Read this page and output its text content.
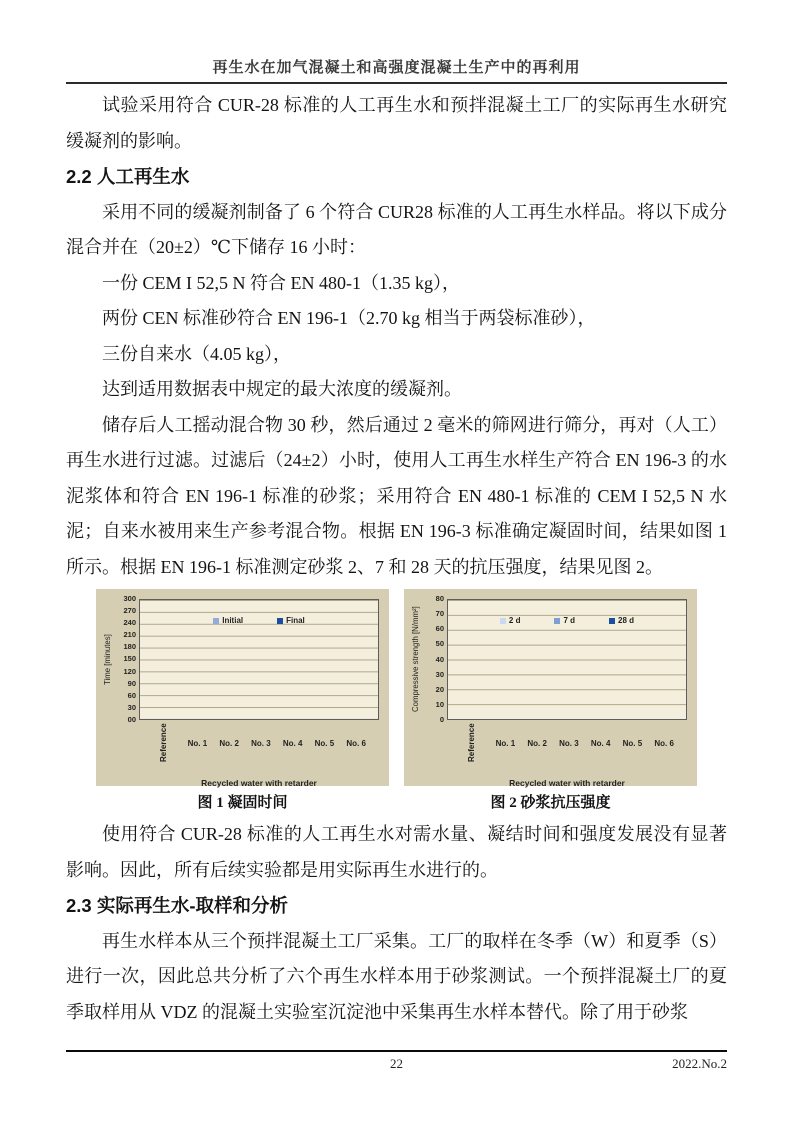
再生水在加气混凝土和高强度混凝土生产中的再利用

试验采用符合 CUR-28 标准的人工再生水和预拌混凝土工厂的实际再生水研究缓凝剂的影响。

2.2 人工再生水

采用不同的缓凝剂制备了 6 个符合 CUR28 标准的人工再生水样品。将以下成分混合并在（20±2）℃下储存 16 小时：

一份 CEM I 52,5 N 符合 EN 480-1（1.35 kg），

两份 CEN 标准砂符合 EN 196-1（2.70 kg 相当于两袋标准砂），

三份自来水（4.05 kg），

达到适用数据表中规定的最大浓度的缓凝剂。

储存后人工摇动混合物 30 秒，然后通过 2 毫米的筛网进行筛分，再对（人工）再生水进行过滤。过滤后（24±2）小时，使用人工再生水样生产符合 EN 196-3 的水泥浆体和符合 EN 196-1 标准的砂浆；采用符合 EN 480-1 标准的 CEM I 52,5 N 水泥；自来水被用来生产参考混合物。根据 EN 196-3 标准确定凝固时间，结果如图 1 所示。根据 EN 196-1 标准测定砂浆 2、7 和 28 天的抗压强度，结果见图 2。

Time [minutes]
300
270
240
210
180
150
120
90
60
30
00
Initial	Final
Reference	No. 1	No. 2	No. 3	No. 4	No. 5	No. 6
Recycled water with retarder
图 1 凝固时间
Compressive strength [N/mm²]
80
70
60
50
40
30
20
10
0
2 d	7 d	28 d
Reference	No. 1	No. 2	No. 3	No. 4	No. 5	No. 6
Recycled water with retarder
图 2 砂浆抗压强度

使用符合 CUR-28 标准的人工再生水对需水量、凝结时间和强度发展没有显著影响。因此，所有后续实验都是用实际再生水进行的。

2.3 实际再生水-取样和分析

再生水样本从三个预拌混凝土工厂采集。工厂的取样在冬季（W）和夏季（S）进行一次，因此总共分析了六个再生水样本用于砂浆测试。一个预拌混凝土厂的夏季取样用从 VDZ 的混凝土实验室沉淀池中采集再生水样本替代。除了用于砂浆

22	2022.No.2
